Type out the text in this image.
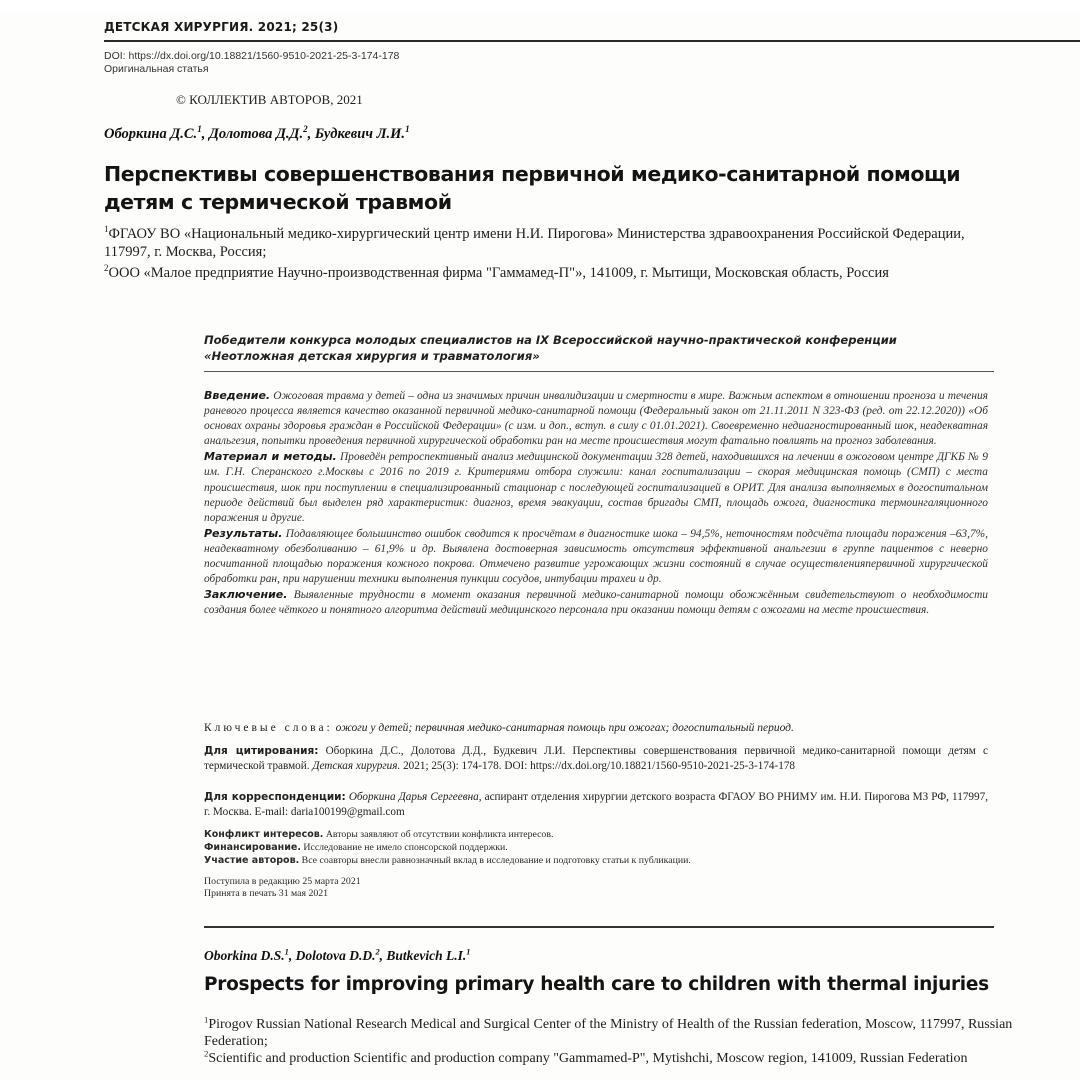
ДЕТСКАЯ ХИРУРГИЯ. 2021; 25(3)
DOI: https://dx.doi.org/10.18821/1560-9510-2021-25-3-174-178
Оригинальная статья
© КОЛЛЕКТИВ АВТОРОВ, 2021
Оборкина Д.С.$^1$, Долотова Д.Д.$^2$, Будкевич Л.И.$^1$
Перспективы совершенствования первичной медико-санитарной помощи детям с термической травмой

$^1$ФГАОУ ВО «Национальный медико-хирургический центр имени Н.И. Пирогова» Министерства здравоохранения Российской Федерации, 117997, г. Москва, Россия;

$^2$ООО «Малое предприятие Научно-производственная фирма "Гаммамед-П"», 141009, г. Мытищи, Московская область, Россия

Победители конкурса молодых специалистов на IX Всероссийской научно-практической конференции «Неотложная детская хирургия и травматология»

Введение. Ожоговая травма у детей – одна из значимых причин инвалидизации и смертности в мире. Важным аспектом в отношении прогноза и течения раневого процесса является качество оказанной первичной медико-санитарной помощи (Федеральный закон от 21.11.2011 N 323-ФЗ (ред. от 22.12.2020)) «Об основах охраны здоровья граждан в Российской Федерации» (с изм. и доп., вступ. в силу с 01.01.2021). Своевременно недиагностированный шок, неадекватная анальгезия, попытки проведения первичной хирургической обработки ран на месте происшествия могут фатально повлиять на прогноз заболевания.

Материал и методы. Проведён ретроспективный анализ медицинской документации 328 детей, находившихся на лечении в ожоговом центре ДГКБ № 9 им. Г.Н. Сперанского г.Москвы с 2016 по 2019 г. Критериями отбора служили: канал госпитализации – скорая медицинская помощь (СМП) с места происшествия, шок при поступлении в специализированный стационар с последующей госпитализацией в ОРИТ. Для анализа выполняемых в догоспитальном периоде действий был выделен ряд характеристик: диагноз, время эвакуации, состав бригады СМП, площадь ожога, диагностика термоингаляционного поражения и другие.

Результаты. Подавляющее большинство ошибок сводится к просчётам в диагностике шока – 94,5%, неточностям подсчёта площади поражения –63,7%, неадекватному обезболиванию – 61,9% и др. Выявлена достоверная зависимость отсутствия эффективной анальгезии в группе пациентов с неверно посчитанной площадью поражения кожного покрова. Отмечено развитие угрожающих жизни состояний в случае осуществленияпервичной хирургической обработки ран, при нарушении техники выполнения пункции сосудов, интубации трахеи и др.

Заключение. Выявленные трудности в момент оказания первичной медико-санитарной помощи обожжённым свидетельствуют о необходимости создания более чёткого и понятного алгоритма действий медицинского персонала при оказании помощи детям с ожогами на месте происшествия.

Ключевые слова: ожоги у детей; первичная медико-санитарная помощь при ожогах; догоспитальный период.
Для цитирования: Оборкина Д.С., Долотова Д.Д., Будкевич Л.И. Перспективы совершенствования первичной медико-санитарной помощи детям с термической травмой. Детская хирургия. 2021; 25(3): 174-178. DOI: https://dx.doi.org/10.18821/1560-9510-2021-25-3-174-178
Для корреспонденции: Оборкина Дарья Сергеевна, аспирант отделения хирургии детского возраста ФГАОУ ВО РНИМУ им. Н.И. Пирогова МЗ РФ, 117997, г. Москва. E-mail: daria100199@gmail.com
Конфликт интересов. Авторы заявляют об отсутствии конфликта интересов.
Финансирование. Исследование не имело спонсорской поддержки.
Участие авторов. Все соавторы внесли равнозначный вклад в исследование и подготовку статьи к публикации.
Поступила в редакцию 25 марта 2021
Принята в печать 31 мая 2021
Oborkina D.S.$^1$, Dolotova D.D.$^2$, Butkevich L.I.$^1$
Prospects for improving primary health care to children with thermal injuries

$^1$Pirogov Russian National Research Medical and Surgical Center of the Ministry of Health of the Russian federation, Moscow, 117997, Russian Federation;

$^2$Scientific and production Scientific and production company "Gammamed-P", Mytishchi, Moscow region, 141009, Russian Federation
